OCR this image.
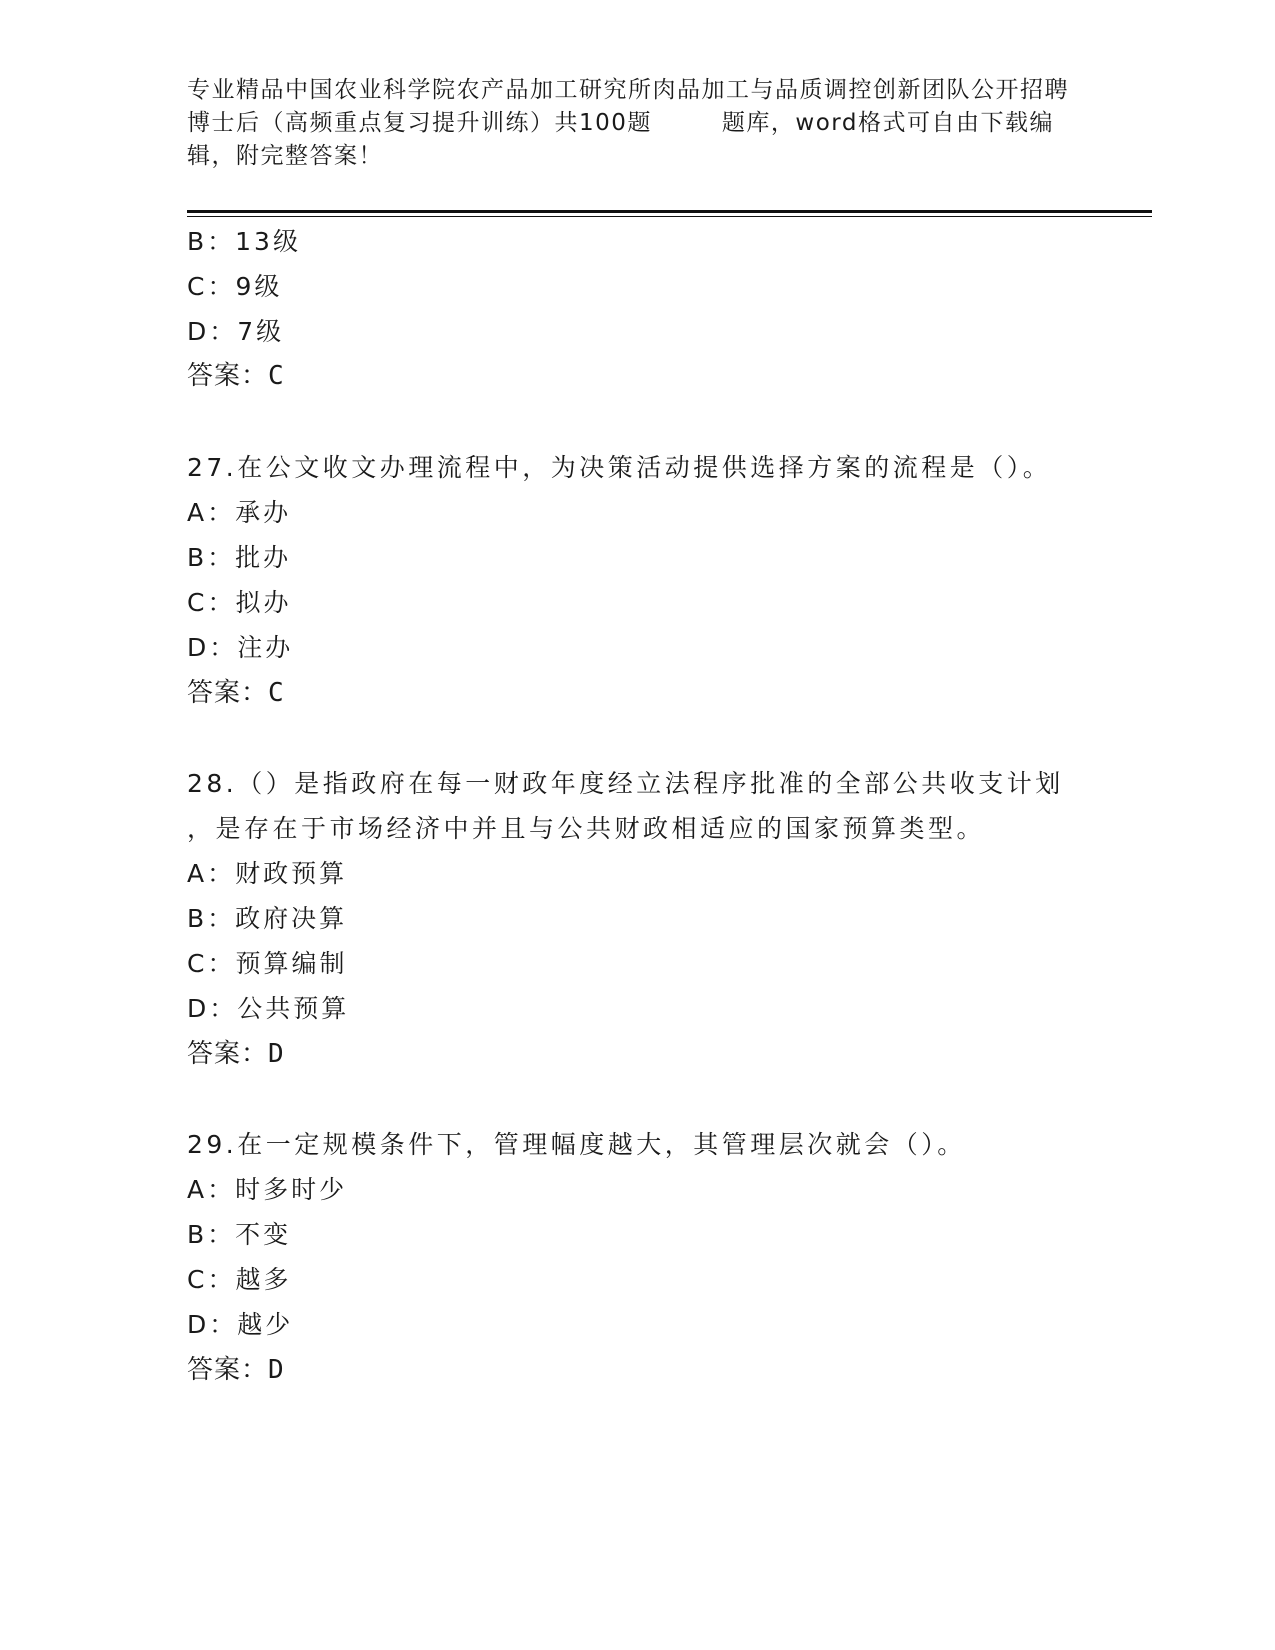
专业精品中国农业科学院农产品加工研究所肉品加工与品质调控创新团队公开招聘
博士后（高频重点复习提升训练）共100题	题库，word格式可自由下载编
辑，附完整答案！
B：13级
C：9级
D：7级
答案：C
27.在公文收文办理流程中，为决策活动提供选择方案的流程是（）。
A：承办
B：批办
C：拟办
D：注办
答案：C
28.（）是指政府在每一财政年度经立法程序批准的全部公共收支计划
，是存在于市场经济中并且与公共财政相适应的国家预算类型。
A：财政预算
B：政府决算
C：预算编制
D：公共预算
答案：D
29.在一定规模条件下，管理幅度越大，其管理层次就会（）。
A：时多时少
B：不变
C：越多
D：越少
答案：D
